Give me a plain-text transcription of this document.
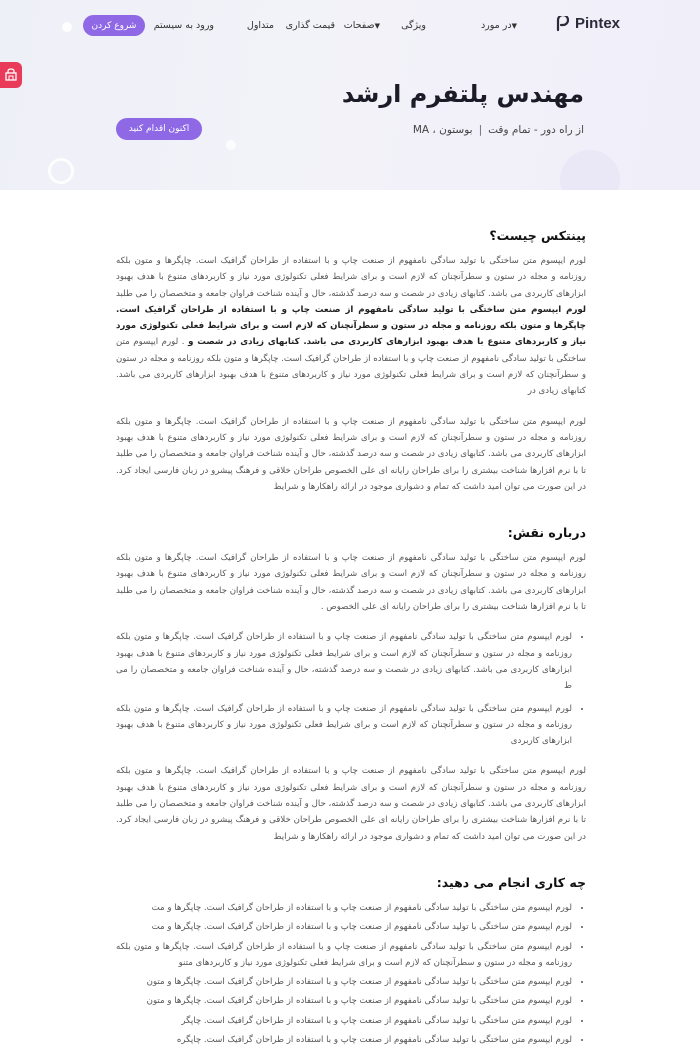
Pintex
در مورد▼
ویژگی
صفحات▼
قیمت گذاری
متداول
ورود به سیستم
شروع کردن
مهندس پلتفرم ارشد
از راه دور - تمام وقت
|
بوستون ، MA
اکنون اقدام کنید
پینتکس چیست؟

لورم ایپسوم متن ساختگی با تولید سادگی نامفهوم از صنعت چاپ و با استفاده از طراحان گرافیک است. چاپگرها و متون بلکه روزنامه و مجله در ستون و سطرآنچنان که لازم است و برای شرایط فعلی تکنولوژی مورد نیاز و کاربردهای متنوع با هدف بهبود ابزارهای کاربردی می باشد. کتابهای زیادی در شصت و سه درصد گذشته، حال و آینده شناخت فراوان جامعه و متخصصان را می طلبد لورم ایپسوم متن ساختگی با تولید سادگی نامفهوم از صنعت چاپ و با استفاده از طراحان گرافیک است. چاپگرها و متون بلکه روزنامه و مجله در ستون و سطرآنچنان که لازم است و برای شرایط فعلی تکنولوژی مورد نیاز و کاربردهای متنوع با هدف بهبود ابزارهای کاربردی می باشد. کتابهای زیادی در شصت و . لورم ایپسوم متن ساختگی با تولید سادگی نامفهوم از صنعت چاپ و با استفاده از طراحان گرافیک است. چاپگرها و متون بلکه روزنامه و مجله در ستون و سطرآنچنان که لازم است و برای شرایط فعلی تکنولوژی مورد نیاز و کاربردهای متنوع با هدف بهبود ابزارهای کاربردی می باشد. کتابهای زیادی در

لورم ایپسوم متن ساختگی با تولید سادگی نامفهوم از صنعت چاپ و با استفاده از طراحان گرافیک است. چاپگرها و متون بلکه روزنامه و مجله در ستون و سطرآنچنان که لازم است و برای شرایط فعلی تکنولوژی مورد نیاز و کاربردهای متنوع با هدف بهبود ابزارهای کاربردی می باشد. کتابهای زیادی در شصت و سه درصد گذشته، حال و آینده شناخت فراوان جامعه و متخصصان را می طلبد تا با نرم افزارها شناخت بیشتری را برای طراحان رایانه ای علی الخصوص طراحان خلاقی و فرهنگ پیشرو در زبان فارسی ایجاد کرد. در این صورت می توان امید داشت که تمام و دشواری موجود در ارائه راهکارها و شرایط

درباره نقش:

لورم ایپسوم متن ساختگی با تولید سادگی نامفهوم از صنعت چاپ و با استفاده از طراحان گرافیک است. چاپگرها و متون بلکه روزنامه و مجله در ستون و سطرآنچنان که لازم است و برای شرایط فعلی تکنولوژی مورد نیاز و کاربردهای متنوع با هدف بهبود ابزارهای کاربردی می باشد. کتابهای زیادی در شصت و سه درصد گذشته، حال و آینده شناخت فراوان جامعه و متخصصان را می طلبد تا با نرم افزارها شناخت بیشتری را برای طراحان رایانه ای علی الخصوص .

• لورم ایپسوم متن ساختگی با تولید سادگی نامفهوم از صنعت چاپ و با استفاده از طراحان گرافیک است. چاپگرها و متون بلکه روزنامه و مجله در ستون و سطرآنچنان که لازم است و برای شرایط فعلی تکنولوژی مورد نیاز و کاربردهای متنوع با هدف بهبود ابزارهای کاربردی می باشد. کتابهای زیادی در شصت و سه درصد گذشته، حال و آینده شناخت فراوان جامعه و متخصصان را می ط
• لورم ایپسوم متن ساختگی با تولید سادگی نامفهوم از صنعت چاپ و با استفاده از طراحان گرافیک است. چاپگرها و متون بلکه روزنامه و مجله در ستون و سطرآنچنان که لازم است و برای شرایط فعلی تکنولوژی مورد نیاز و کاربردهای متنوع با هدف بهبود ابزارهای کاربردی

لورم ایپسوم متن ساختگی با تولید سادگی نامفهوم از صنعت چاپ و با استفاده از طراحان گرافیک است. چاپگرها و متون بلکه روزنامه و مجله در ستون و سطرآنچنان که لازم است و برای شرایط فعلی تکنولوژی مورد نیاز و کاربردهای متنوع با هدف بهبود ابزارهای کاربردی می باشد. کتابهای زیادی در شصت و سه درصد گذشته، حال و آینده شناخت فراوان جامعه و متخصصان را می طلبد تا با نرم افزارها شناخت بیشتری را برای طراحان رایانه ای علی الخصوص طراحان خلاقی و فرهنگ پیشرو در زبان فارسی ایجاد کرد. در این صورت می توان امید داشت که تمام و دشواری موجود در ارائه راهکارها و شرایط

چه کاری انجام می دهید:
• لورم ایپسوم متن ساختگی با تولید سادگی نامفهوم از صنعت چاپ و با استفاده از طراحان گرافیک است. چاپگرها و مت
• لورم ایپسوم متن ساختگی با تولید سادگی نامفهوم از صنعت چاپ و با استفاده از طراحان گرافیک است. چاپگرها و مت
• لورم ایپسوم متن ساختگی با تولید سادگی نامفهوم از صنعت چاپ و با استفاده از طراحان گرافیک است. چاپگرها و متون بلکه روزنامه و مجله در ستون و سطرآنچنان که لازم است و برای شرایط فعلی تکنولوژی مورد نیاز و کاربردهای متنو
• لورم ایپسوم متن ساختگی با تولید سادگی نامفهوم از صنعت چاپ و با استفاده از طراحان گرافیک است. چاپگرها و متون
• لورم ایپسوم متن ساختگی با تولید سادگی نامفهوم از صنعت چاپ و با استفاده از طراحان گرافیک است. چاپگرها و متون
• لورم ایپسوم متن ساختگی با تولید سادگی نامفهوم از صنعت چاپ و با استفاده از طراحان گرافیک است. چاپگر
• لورم ایپسوم متن ساختگی با تولید سادگی نامفهوم از صنعت چاپ و با استفاده از طراحان گرافیک است. چاپگره
